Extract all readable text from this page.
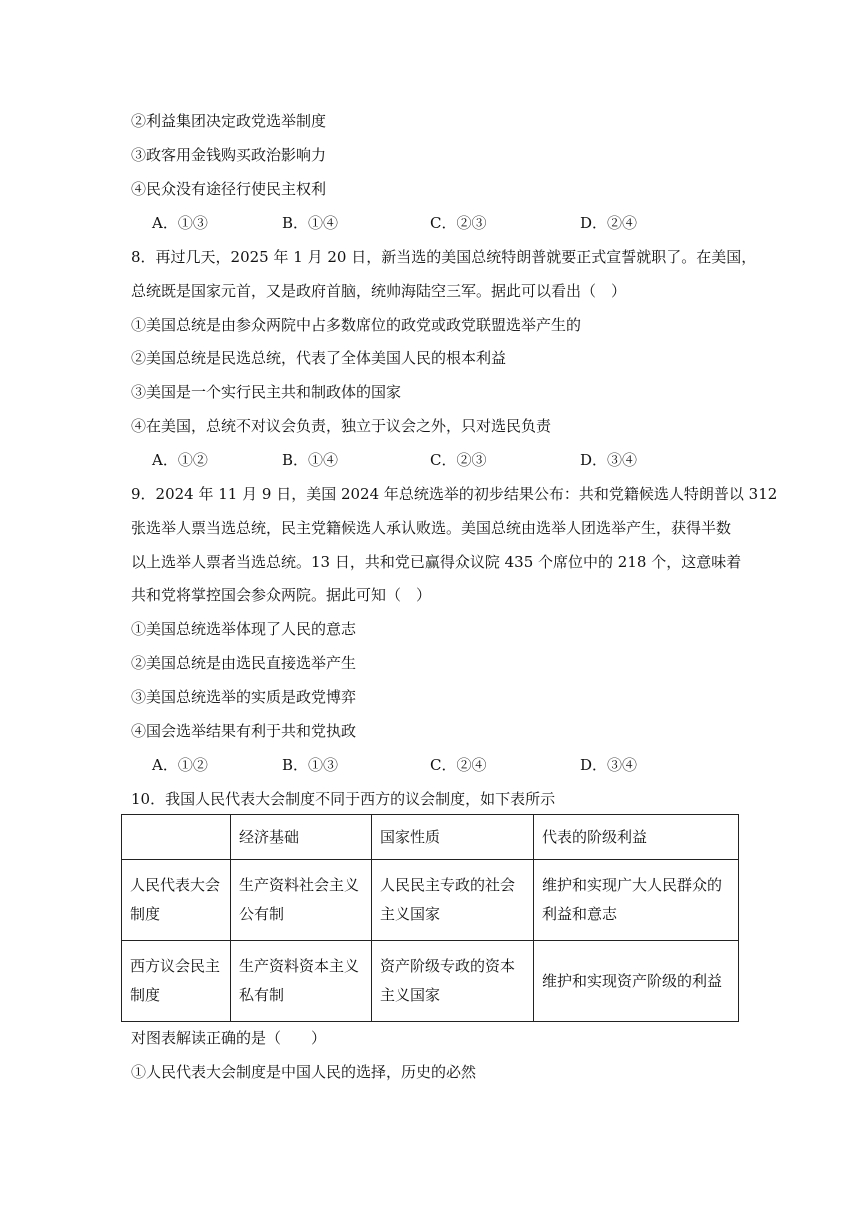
②利益集团决定政党选举制度
③政客用金钱购买政治影响力
④民众没有途径行使民主权利
A．①③	B．①④	C．②③	D．②④
8．再过几天，2025 年 1 月 20 日，新当选的美国总统特朗普就要正式宣誓就职了。在美国，
总统既是国家元首，又是政府首脑，统帅海陆空三军。据此可以看出（　）
①美国总统是由参众两院中占多数席位的政党或政党联盟选举产生的
②美国总统是民选总统，代表了全体美国人民的根本利益
③美国是一个实行民主共和制政体的国家
④在美国，总统不对议会负责，独立于议会之外，只对选民负责
A．①②	B．①④	C．②③	D．③④
9．2024 年 11 月 9 日，美国 2024 年总统选举的初步结果公布：共和党籍候选人特朗普以 312
张选举人票当选总统，民主党籍候选人承认败选。美国总统由选举人团选举产生，获得半数
以上选举人票者当选总统。13 日，共和党已赢得众议院 435 个席位中的 218 个，这意味着
共和党将掌控国会参众两院。据此可知（　）
①美国总统选举体现了人民的意志
②美国总统是由选民直接选举产生
③美国总统选举的实质是政党博弈
④国会选举结果有利于共和党执政
A．①②	B．①③	C．②④	D．③④
10．我国人民代表大会制度不同于西方的议会制度，如下表所示
	经济基础	国家性质	代表的阶级利益
人民代表大会制度	生产资料社会主义公有制	人民民主专政的社会主义国家	维护和实现广大人民群众的利益和意志
西方议会民主制度	生产资料资本主义私有制	资产阶级专政的资本主义国家	维护和实现资产阶级的利益
对图表解读正确的是（　　）
①人民代表大会制度是中国人民的选择，历史的必然
